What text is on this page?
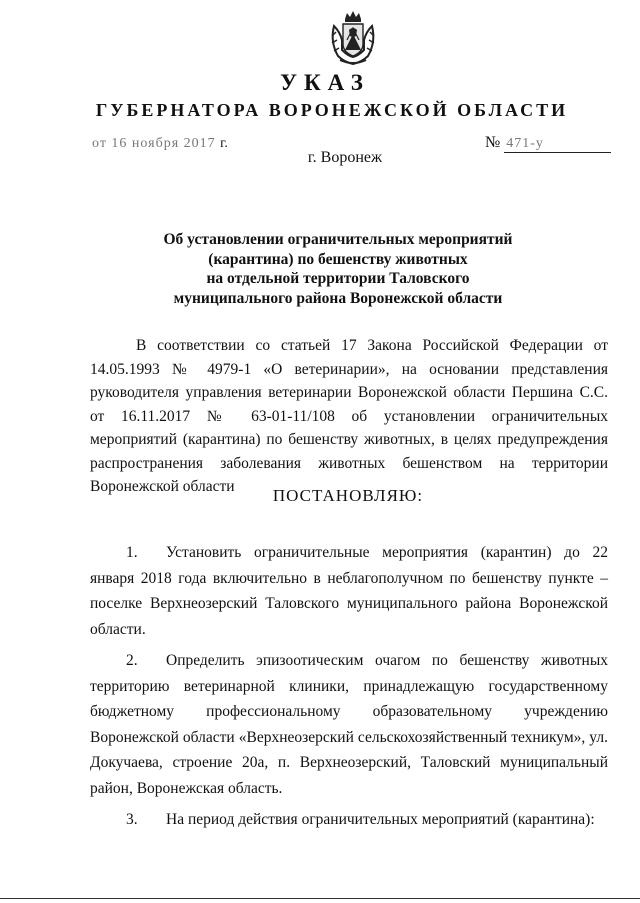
УКАЗ
ГУБЕРНАТОРА ВОРОНЕЖСКОЙ ОБЛАСТИ
от 16 ноября 2017 г.	№ 471-у
г. Воронеж
Об установлении ограничительных мероприятий
(карантина) по бешенству животных
на отдельной территории Таловского
муниципального района Воронежской области
В соответствии со статьей 17 Закона Российской Федерации от 14.05.1993 № 4979-1 «О ветеринарии», на основании представления руководителя управления ветеринарии Воронежской области Першина С.С. от 16.11.2017 № 63-01-11/108 об установлении ограничительных мероприятий (карантина) по бешенству животных, в целях предупреждения распространения заболевания животных бешенством на территории Воронежской области	ПОСТАНОВЛЯЮ:
1. Установить ограничительные мероприятия (карантин) до 22 января 2018 года включительно в неблагополучном по бешенству пункте – поселке Верхнеозерский Таловского муниципального района Воронежской области.
2. Определить эпизоотическим очагом по бешенству животных территорию ветеринарной клиники, принадлежащую государственному бюджетному профессиональному образовательному учреждению Воронежской области «Верхнеозерский сельскохозяйственный техникум», ул. Докучаева, строение 20а, п. Верхнеозерский, Таловский муниципальный район, Воронежская область.
3. На период действия ограничительных мероприятий (карантина):
